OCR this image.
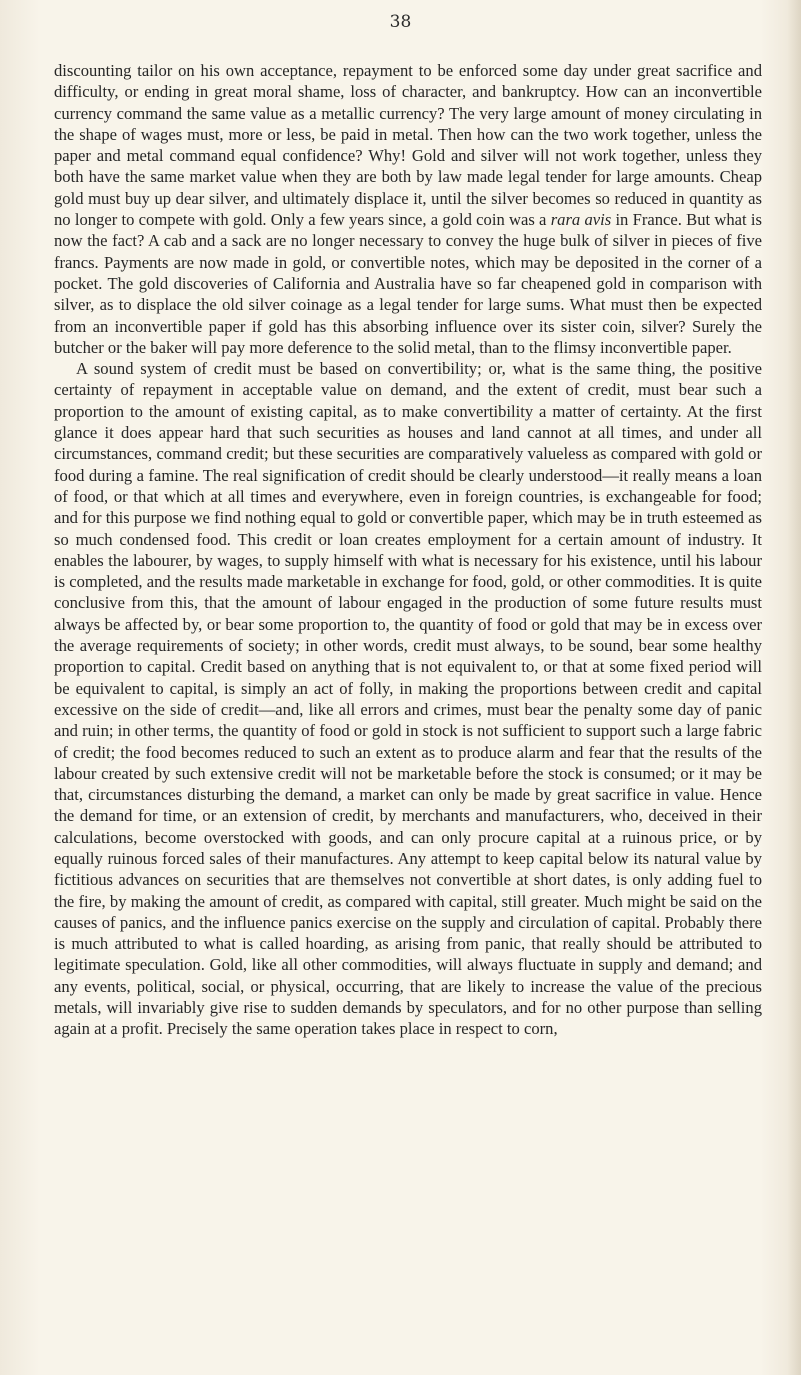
38

discounting tailor on his own acceptance, repayment to be enforced some day under great sacrifice and difficulty, or ending in great moral shame, loss of character, and bankruptcy. How can an inconvertible currency command the same value as a metallic currency? The very large amount of money circulating in the shape of wages must, more or less, be paid in metal. Then how can the two work together, unless the paper and metal command equal confidence? Why! Gold and silver will not work together, unless they both have the same market value when they are both by law made legal tender for large amounts. Cheap gold must buy up dear silver, and ultimately displace it, until the silver becomes so reduced in quantity as no longer to compete with gold. Only a few years since, a gold coin was a rara avis in France. But what is now the fact? A cab and a sack are no longer necessary to convey the huge bulk of silver in pieces of five francs. Payments are now made in gold, or convertible notes, which may be deposited in the corner of a pocket. The gold discoveries of California and Australia have so far cheapened gold in comparison with silver, as to displace the old silver coinage as a legal tender for large sums. What must then be expected from an inconvertible paper if gold has this absorbing influence over its sister coin, silver? Surely the butcher or the baker will pay more deference to the solid metal, than to the flimsy inconvertible paper.

A sound system of credit must be based on convertibility; or, what is the same thing, the positive certainty of repayment in acceptable value on demand, and the extent of credit, must bear such a proportion to the amount of existing capital, as to make convertibility a matter of certainty. At the first glance it does appear hard that such securities as houses and land cannot at all times, and under all circumstances, command credit; but these securities are comparatively valueless as compared with gold or food during a famine. The real signification of credit should be clearly understood—it really means a loan of food, or that which at all times and everywhere, even in foreign countries, is exchangeable for food; and for this purpose we find nothing equal to gold or convertible paper, which may be in truth esteemed as so much condensed food. This credit or loan creates employment for a certain amount of industry. It enables the labourer, by wages, to supply himself with what is necessary for his existence, until his labour is completed, and the results made marketable in exchange for food, gold, or other commodities. It is quite conclusive from this, that the amount of labour engaged in the production of some future results must always be affected by, or bear some proportion to, the quantity of food or gold that may be in excess over the average requirements of society; in other words, credit must always, to be sound, bear some healthy proportion to capital. Credit based on anything that is not equivalent to, or that at some fixed period will be equivalent to capital, is simply an act of folly, in making the proportions between credit and capital excessive on the side of credit—and, like all errors and crimes, must bear the penalty some day of panic and ruin; in other terms, the quantity of food or gold in stock is not sufficient to support such a large fabric of credit; the food becomes reduced to such an extent as to produce alarm and fear that the results of the labour created by such extensive credit will not be marketable before the stock is consumed; or it may be that, circumstances disturbing the demand, a market can only be made by great sacrifice in value. Hence the demand for time, or an extension of credit, by merchants and manufacturers, who, deceived in their calculations, become overstocked with goods, and can only procure capital at a ruinous price, or by equally ruinous forced sales of their manufactures. Any attempt to keep capital below its natural value by fictitious advances on securities that are themselves not convertible at short dates, is only adding fuel to the fire, by making the amount of credit, as compared with capital, still greater. Much might be said on the causes of panics, and the influence panics exercise on the supply and circulation of capital. Probably there is much attributed to what is called hoarding, as arising from panic, that really should be attributed to legitimate speculation. Gold, like all other commodities, will always fluctuate in supply and demand; and any events, political, social, or physical, occurring, that are likely to increase the value of the precious metals, will invariably give rise to sudden demands by speculators, and for no other purpose than selling again at a profit. Precisely the same operation takes place in respect to corn,
